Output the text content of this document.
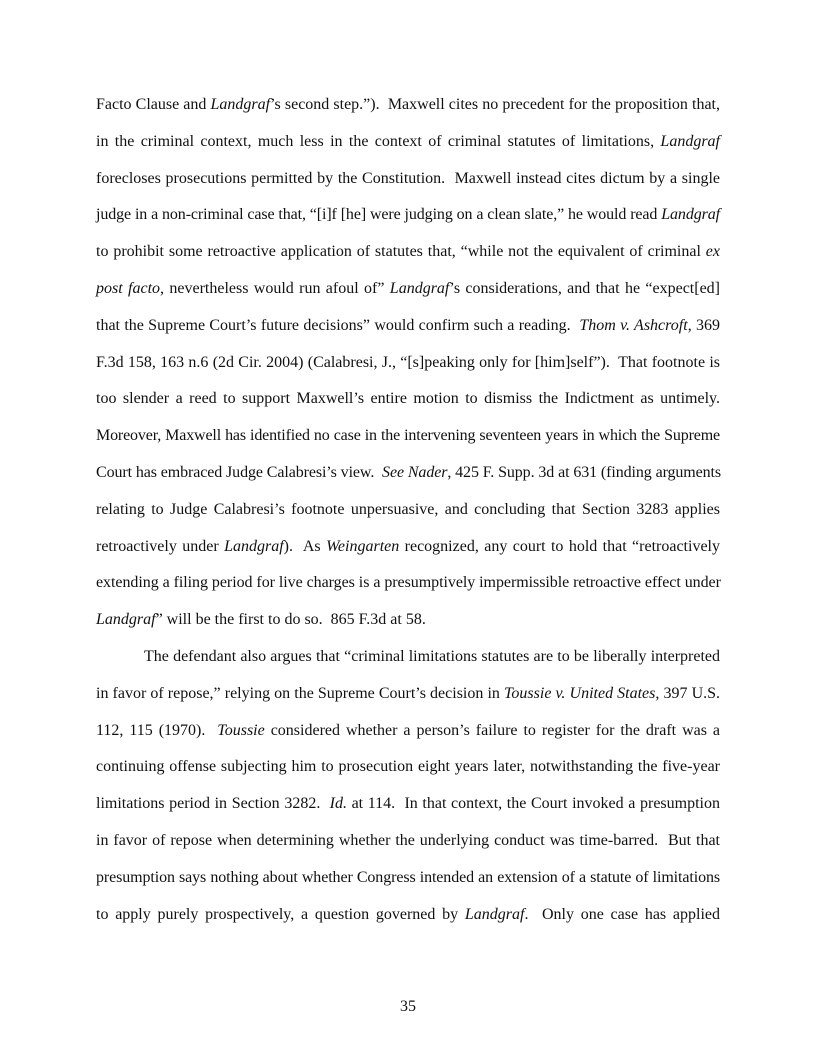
Facto Clause and Landgraf’s second step.”).  Maxwell cites no precedent for the proposition that,
in the criminal context, much less in the context of criminal statutes of limitations, Landgraf
forecloses prosecutions permitted by the Constitution.  Maxwell instead cites dictum by a single
judge in a non-criminal case that, “[i]f [he] were judging on a clean slate,” he would read Landgraf
to prohibit some retroactive application of statutes that, “while not the equivalent of criminal ex
post facto, nevertheless would run afoul of” Landgraf’s considerations, and that he “expect[ed]
that the Supreme Court’s future decisions” would confirm such a reading.  Thom v. Ashcroft, 369
F.3d 158, 163 n.6 (2d Cir. 2004) (Calabresi, J., “[s]peaking only for [him]self”).  That footnote is
too slender a reed to support Maxwell’s entire motion to dismiss the Indictment as untimely.
Moreover, Maxwell has identified no case in the intervening seventeen years in which the Supreme
Court has embraced Judge Calabresi’s view.  See Nader, 425 F. Supp. 3d at 631 (finding arguments
relating to Judge Calabresi’s footnote unpersuasive, and concluding that Section 3283 applies
retroactively under Landgraf).  As Weingarten recognized, any court to hold that “retroactively
extending a filing period for live charges is a presumptively impermissible retroactive effect under
Landgraf” will be the first to do so.  865 F.3d at 58.
The defendant also argues that “criminal limitations statutes are to be liberally interpreted
in favor of repose,” relying on the Supreme Court’s decision in Toussie v. United States, 397 U.S.
112, 115 (1970).  Toussie considered whether a person’s failure to register for the draft was a
continuing offense subjecting him to prosecution eight years later, notwithstanding the five-year
limitations period in Section 3282.  Id. at 114.  In that context, the Court invoked a presumption
in favor of repose when determining whether the underlying conduct was time-barred.  But that
presumption says nothing about whether Congress intended an extension of a statute of limitations
to apply purely prospectively, a question governed by Landgraf.  Only one case has applied
35
